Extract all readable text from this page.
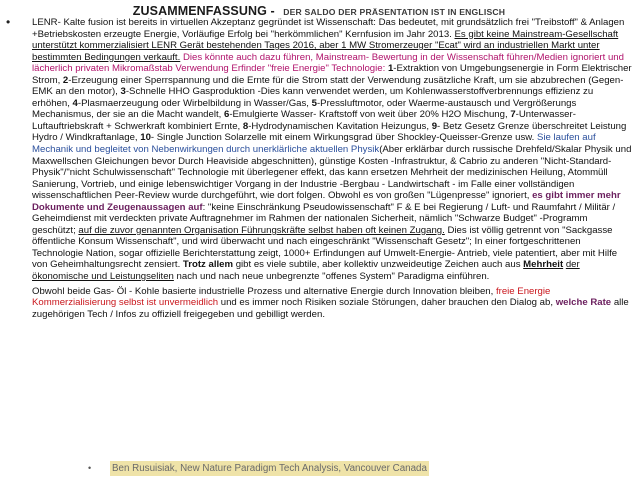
ZUSAMMENFASSUNG - DER SALDO DER PRÄSENTATION IST IN ENGLISCH
• LENR- Kalte fusion ist bereits in virtuellen Akzeptanz gegründet ist Wissenschaft: Das bedeutet, mit grundsätzlich frei "Treibstoff" & Anlagen +Betriebskosten erzeugte Energie, Vorläufige Erfolg bei "herkömmlichen" Kernfusion im Jahr 2013. Es gibt keine Mainstream-Gesellschaft unterstützt kommerzialisiert LENR Gerät bestehenden Tages 2016, aber 1 MW Stromerzeuger "Ecat" wird an industriellen Markt unter bestimmten Bedingungen verkauft. Dies könnte auch dazu führen, Mainstream- Bewertung in der Wissenschaft führen/Medien ignoriert und lächerlich privaten Mikromaßstab Verwendung Erfinder "freie Energie" Technologie: 1-Extraktion von Umgebungsenergie in Form Elektrischer Strom, 2-Erzeugung einer Sperrspannung und die Ernte für die Strom statt der Verwendung zusätzliche Kraft, um sie abzubrechen (Gegen-EMK an den motor), 3-Schnelle HHO Gasproduktion -Dies kann verwendet werden, um Kohlenwasserstoffverbrennungs effizienz zu erhöhen, 4-Plasmaerzeugung oder Wirbelbildung in Wasser/Gas, 5-Pressluftmotor, oder Waerme-austausch und Vergrößerungs Mechanismus, der sie an die Macht wandelt, 6-Emulgierte Wasser- Kraftstoff von weit über 20% H2O Mischung, 7-Unterwasser-Luftauftriebskraft + Schwerkraft kombiniert Ernte, 8-Hydrodynamischen Kavitation Heizungus, 9- Betz Gesetz Grenze überschreitet Leistung Hydro / Windkraftanlage, 10- Single Junction Solarzelle mit einem Wirkungsgrad über Shockley-Queisser-Grenze usw. Sie laufen auf Mechanik und begleitet von Nebenwirkungen durch unerklärliche aktuellen Physik(Aber erklärbar durch russische Drehfeld/Skalar Physik und Maxwellschen Gleichungen bevor Durch Heaviside abgeschnitten), günstige Kosten -Infrastruktur, & Cabrio zu anderen "Nicht-Standard- Physik"/"nicht Schulwissenschaft" Technologie mit überlegener effekt, das kann ersetzen Mehrheit der medizinischen Heilung, Atommüll Sanierung, Vortrieb, und einige lebenswichtiger Vorgang in der Industrie -Bergbau - Landwirtschaft - im Falle einer vollständigen wissenschaftlichen Peer-Review wurde durchgeführt, wie dort folgen. Obwohl es von großen "Lügenpresse" ignoriert, es gibt immer mehr Dokumente und Zeugenaussagen auf: "keine Einschränkung Pseudowissenschaft" F & E bei Regierung / Luft- und Raumfahrt / Militär / Geheimdienst mit verdeckten private Auftragnehmer im Rahmen der nationalen Sicherheit, nämlich "Schwarze Budget" -Programm geschützt; auf die zuvor genannten Organisation Führungskräfte selbst haben oft keinen Zugang. Dies ist völlig getrennt von "Sackgasse öffentliche Konsum Wissenschaft", und wird überwacht und nach eingeschränkt "Wissenschaft Gesetz"; In einer fortgeschrittenen Technologie Nation, sogar offizielle Berichterstattung zeigt, 1000+ Erfindungen auf Umwelt-Energie- Antrieb, viele patentiert, aber mit Hilfe von Geheimhaltungsrecht zensiert. Trotz allem gibt es viele subtile, aber kollektiv unzweideutige Zeichen auch aus Mehrheit der ökonomische und Leistungseliten nach und nach neue unbegrenzte "offenes System" Paradigma einführen.

Obwohl beide Gas- Öl - Kohle basierte industrielle Prozess und alternative Energie durch Innovation bleiben, freie Energie Kommerzialisierung selbst ist unvermeidlich und es immer noch Risiken soziale Störungen, daher brauchen den Dialog ab, welche Rate alle zugehörigen Tech / Infos zu offiziell freigegeben und gebilligt werden.

• Ben Rusuisiak, New Nature Paradigm Tech Analysis, Vancouver Canada
